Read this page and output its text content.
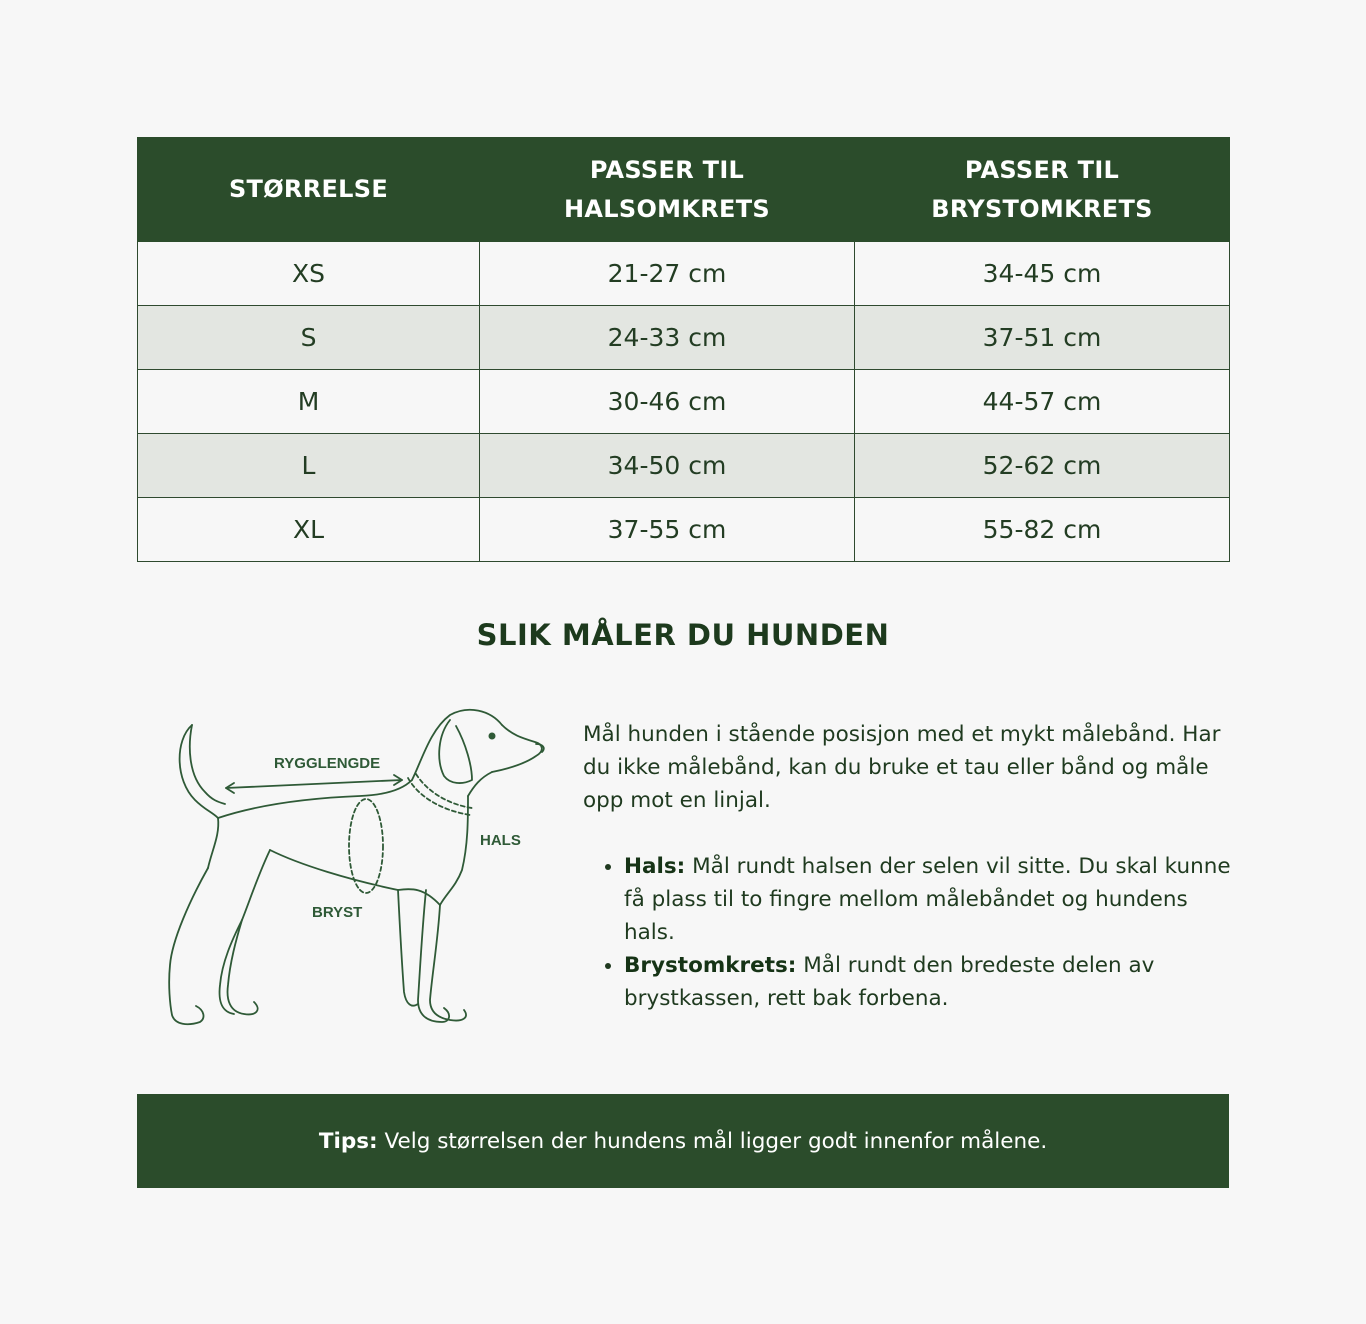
STØRRELSE	PASSER TIL HALSOMKRETS	PASSER TIL BRYSTOMKRETS
XS	21-27 cm	34-45 cm
S	24-33 cm	37-51 cm
M	30-46 cm	44-57 cm
L	34-50 cm	52-62 cm
XL	37-55 cm	55-82 cm
SLIK MÅLER DU HUNDEN
RYGGLENGDE
HALS
BRYST

Mål hunden i stående posisjon med et mykt målebånd. Har du ikke målebånd, kan du bruke et tau eller bånd og måle opp mot en linjal.

• Hals: Mål rundt halsen der selen vil sitte. Du skal kunne få plass til to fingre mellom målebåndet og hundens hals.
• Brystomkrets: Mål rundt den bredeste delen av brystkassen, rett bak forbena.
Tips: Velg størrelsen der hundens mål ligger godt innenfor målene.
